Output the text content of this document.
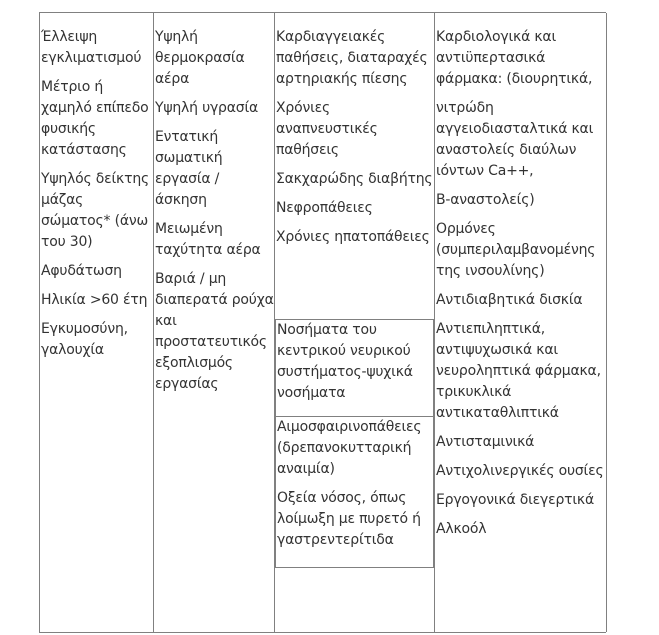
Έλλειψη εγκλιματισμού
Μέτριο ή χαμηλό επίπεδο φυσικής κατάστασης
Υψηλός δείκτης μάζας σώματος* (άνω του 30)
Αφυδάτωση
Ηλικία >60 έτη
Εγκυμοσύνη, γαλουχία
Υψηλή θερμοκρασία αέρα
Υψηλή υγρασία
Εντατική σωματική εργασία / άσκηση
Μειωμένη ταχύτητα αέρα
Βαριά / μη διαπερατά ρούχα και προστατευτικός εξοπλισμός εργασίας
Καρδιαγγειακές παθήσεις, διαταραχές αρτηριακής πίεσης
Χρόνιες αναπνευστικές παθήσεις
Σακχαρώδης διαβήτης
Νεφροπάθειες
Χρόνιες ηπατοπάθειες
Νοσήματα του κεντρικού νευρικού συστήματος-ψυχικά νοσήματα
Αιμοσφαιρινοπάθειες (δρεπανοκυτταρική αναιμία)
Οξεία νόσος, όπως λοίμωξη με πυρετό ή γαστρεντερίτιδα
Καρδιολογικά και αντιϋπερτασικά φάρμακα: (διουρητικά,
νιτρώδη αγγειοδιασταλτικά και αναστολείς διαύλων ιόντων Ca++,
B-αναστολείς)
Ορμόνες (συμπεριλαμβανομένης της ινσουλίνης)
Αντιδιαβητικά δισκία
Αντιεπιληπτικά, αντιψυχωσικά και νευροληπτικά φάρμακα, τρικυκλικά αντικαταθλιπτικά
Αντισταμινικά
Αντιχολινεργικές ουσίες
Εργογονικά διεγερτικά
Αλκοόλ
